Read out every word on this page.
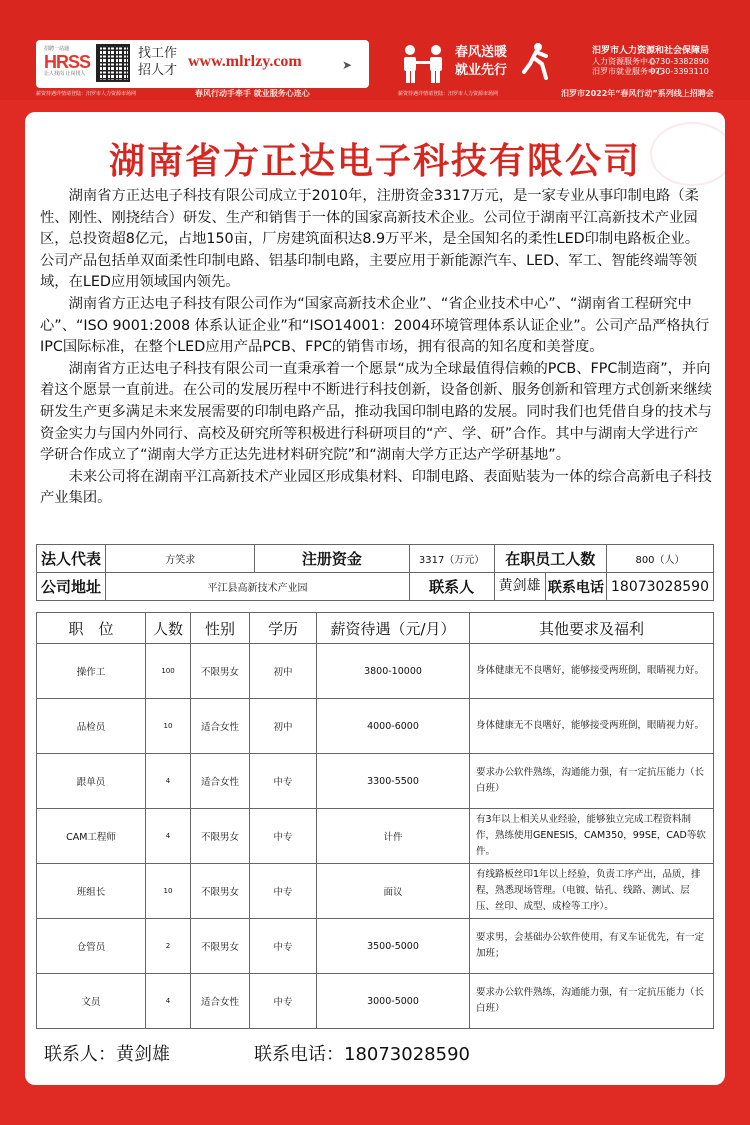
招聘一站通
HRSS
让人找岗 让岗找人
找工作
招人才
www.mlrlzy.com	➤
薪资待遇详情请登陆：汨罗市人力资源市场网	春风行动手牵手 就业服务心连心
春风送暖
就业先行
汨罗市人力资源和社会保障局
人力资源服务中心0730-3382890
汨罗市就业服务中心0730-3393110
薪资待遇详情请登陆：汨罗市人力资源市场网	汨罗市2022年“春风行动”系列线上招聘会
湖南省方正达电子科技有限公司

湖南省方正达电子科技有限公司成立于2010年，注册资金3317万元，是一家专业从事印制电路（柔性、刚性、刚挠结合）研发、生产和销售于一体的国家高新技术企业。公司位于湖南平江高新技术产业园区，总投资超8亿元，占地150亩，厂房建筑面积达8.9万平米，是全国知名的柔性LED印制电路板企业。公司产品包括单双面柔性印制电路、铝基印制电路，主要应用于新能源汽车、LED、军工、智能终端等领域，在LED应用领域国内领先。

湖南省方正达电子科技有限公司作为“国家高新技术企业”、“省企业技术中心”、“湖南省工程研究中心”、“ISO 9001:2008 体系认证企业”和“ISO14001：2004环境管理体系认证企业”。公司产品严格执行IPC国际标准，在整个LED应用产品PCB、FPC的销售市场，拥有很高的知名度和美誉度。

湖南省方正达电子科技有限公司一直秉承着一个愿景“成为全球最值得信赖的PCB、FPC制造商”，并向着这个愿景一直前进。在公司的发展历程中不断进行科技创新，设备创新、服务创新和管理方式创新来继续研发生产更多满足未来发展需要的印制电路产品，推动我国印制电路的发展。同时我们也凭借自身的技术与资金实力与国内外同行、高校及研究所等积极进行科研项目的“产、学、研”合作。其中与湖南大学进行产学研合作成立了“湖南大学方正达先进材料研究院”和“湖南大学方正达产学研基地”。

未来公司将在湖南平江高新技术产业园区形成集材料、印制电路、表面贴装为一体的综合高新电子科技产业集团。

法人代表	方笑求	注册资金	3317（万元）	在职员工人数	800（人）
公司地址	平江县高新技术产业园		联系人	黄剑雄 联系电话	18073028590
职　位	人数	性别	学历	薪资待遇（元/月）	其他要求及福利
操作工	100	不限男女	初中	3800-10000	身体健康无不良嗜好，能够接受两班倒，眼睛视力好。
品检员	10	适合女性	初中	4000-6000	身体健康无不良嗜好，能够接受两班倒，眼睛视力好。
跟单员	4	适合女性	中专	3300-5500	要求办公软件熟练，沟通能力强，有一定抗压能力（长白班）
CAM工程师	4	不限男女	中专	计件	有3年以上相关从业经验，能够独立完成工程资料制作，熟练使用GENESIS，CAM350，99SE，CAD等软件。
班组长	10	不限男女	中专	面议	有线路板丝印1年以上经验，负责工序产出，品质，排程，熟悉现场管理。（电镀、钻孔、线路、测试、层压、丝印、成型、成检等工序）。
仓管员	2	不限男女	中专	3500-5000	要求男，会基础办公软件使用，有叉车证优先，有一定加班；
文员	4	适合女性	中专	3000-5000	要求办公软件熟练，沟通能力强，有一定抗压能力（长白班）
联系人：黄剑雄	联系电话：18073028590
